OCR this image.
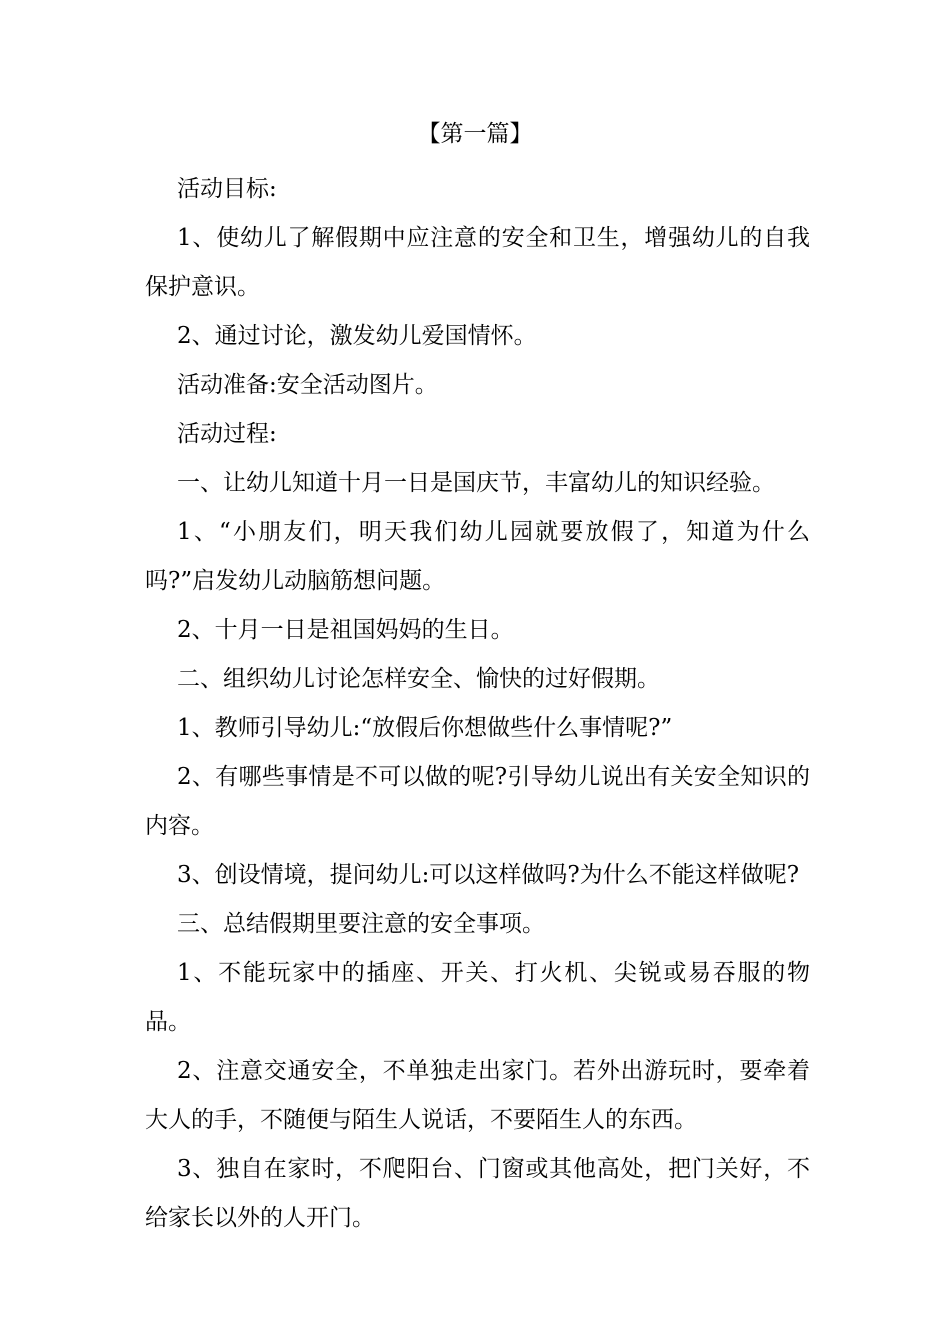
【第一篇】

活动目标:

1、使幼儿了解假期中应注意的安全和卫生，增强幼儿的自我保护意识。

2、通过讨论，激发幼儿爱国情怀。

活动准备:安全活动图片。

活动过程:

一、让幼儿知道十月一日是国庆节，丰富幼儿的知识经验。

1、“小朋友们，明天我们幼儿园就要放假了，知道为什么吗?”启发幼儿动脑筋想问题。

2、十月一日是祖国妈妈的生日。

二、组织幼儿讨论怎样安全、愉快的过好假期。

1、教师引导幼儿:“放假后你想做些什么事情呢?”

2、有哪些事情是不可以做的呢?引导幼儿说出有关安全知识的内容。

3、创设情境，提问幼儿:可以这样做吗?为什么不能这样做呢?

三、总结假期里要注意的安全事项。

1、不能玩家中的插座、开关、打火机、尖锐或易吞服的物品。

2、注意交通安全，不单独走出家门。若外出游玩时，要牵着大人的手，不随便与陌生人说话，不要陌生人的东西。

3、独自在家时，不爬阳台、门窗或其他高处，把门关好，不给家长以外的人开门。
